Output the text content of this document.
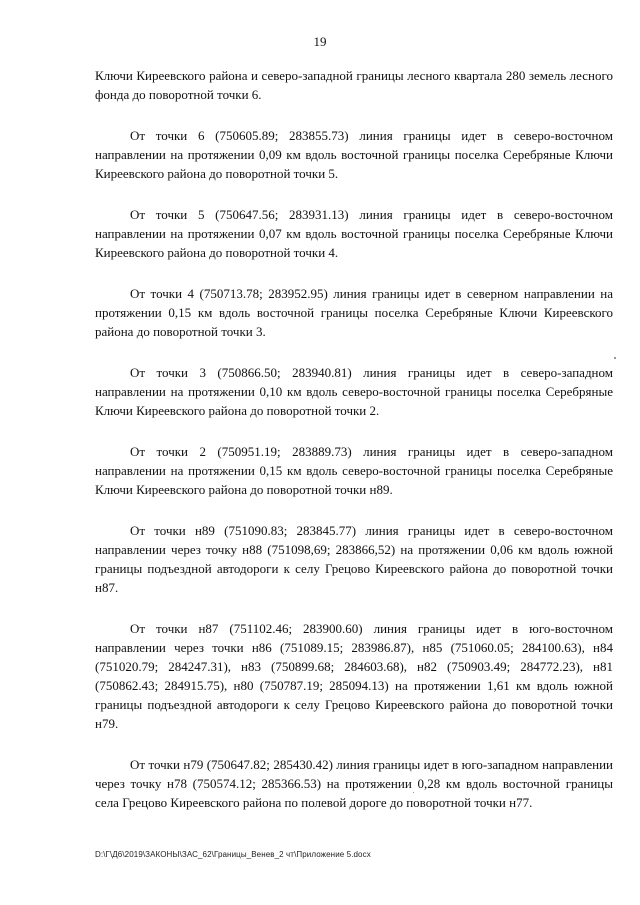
19

Ключи Киреевского района и северо-западной границы лесного квартала 280 земель лесного фонда до поворотной точки 6.

От точки 6 (750605.89; 283855.73) линия границы идет в северо-восточном направлении на протяжении 0,09 км вдоль восточной границы поселка Серебряные Ключи Киреевского района до поворотной точки 5.

От точки 5 (750647.56; 283931.13) линия границы идет в северо-восточном направлении на протяжении 0,07 км вдоль восточной границы поселка Серебряные Ключи Киреевского района до поворотной точки 4.

От точки 4 (750713.78; 283952.95) линия границы идет в северном направлении на протяжении 0,15 км вдоль восточной границы поселка Серебряные Ключи Киреевского района до поворотной точки 3.

От точки 3 (750866.50; 283940.81) линия границы идет в северо-западном направлении на протяжении 0,10 км вдоль северо-восточной границы поселка Серебряные Ключи Киреевского района до поворотной точки 2.

От точки 2 (750951.19; 283889.73) линия границы идет в северо-западном направлении на протяжении 0,15 км вдоль северо-восточной границы поселка Серебряные Ключи Киреевского района до поворотной точки н89.

От точки н89 (751090.83; 283845.77) линия границы идет в северо-восточном направлении через точку н88 (751098,69; 283866,52) на протяжении 0,06 км вдоль южной границы подъездной автодороги к селу Грецово Киреевского района до поворотной точки н87.

От точки н87 (751102.46; 283900.60) линия границы идет в юго-восточном направлении через точки н86 (751089.15; 283986.87), н85 (751060.05; 284100.63), н84 (751020.79; 284247.31), н83 (750899.68; 284603.68), н82 (750903.49; 284772.23), н81 (750862.43; 284915.75), н80 (750787.19; 285094.13) на протяжении 1,61 км вдоль южной границы подъездной автодороги к селу Грецово Киреевского района до поворотной точки н79.

От точки н79 (750647.82; 285430.42) линия границы идет в юго-западном направлении через точку н78 (750574.12; 285366.53) на протяжении 0,28 км вдоль восточной границы села Грецово Киреевского района по полевой дороге до поворотной точки н77.

D:\Г\Д6\2019\ЗАКОНЫ\ЗАС_62\Границы_Венев_2 чт\Приложение 5.docx
